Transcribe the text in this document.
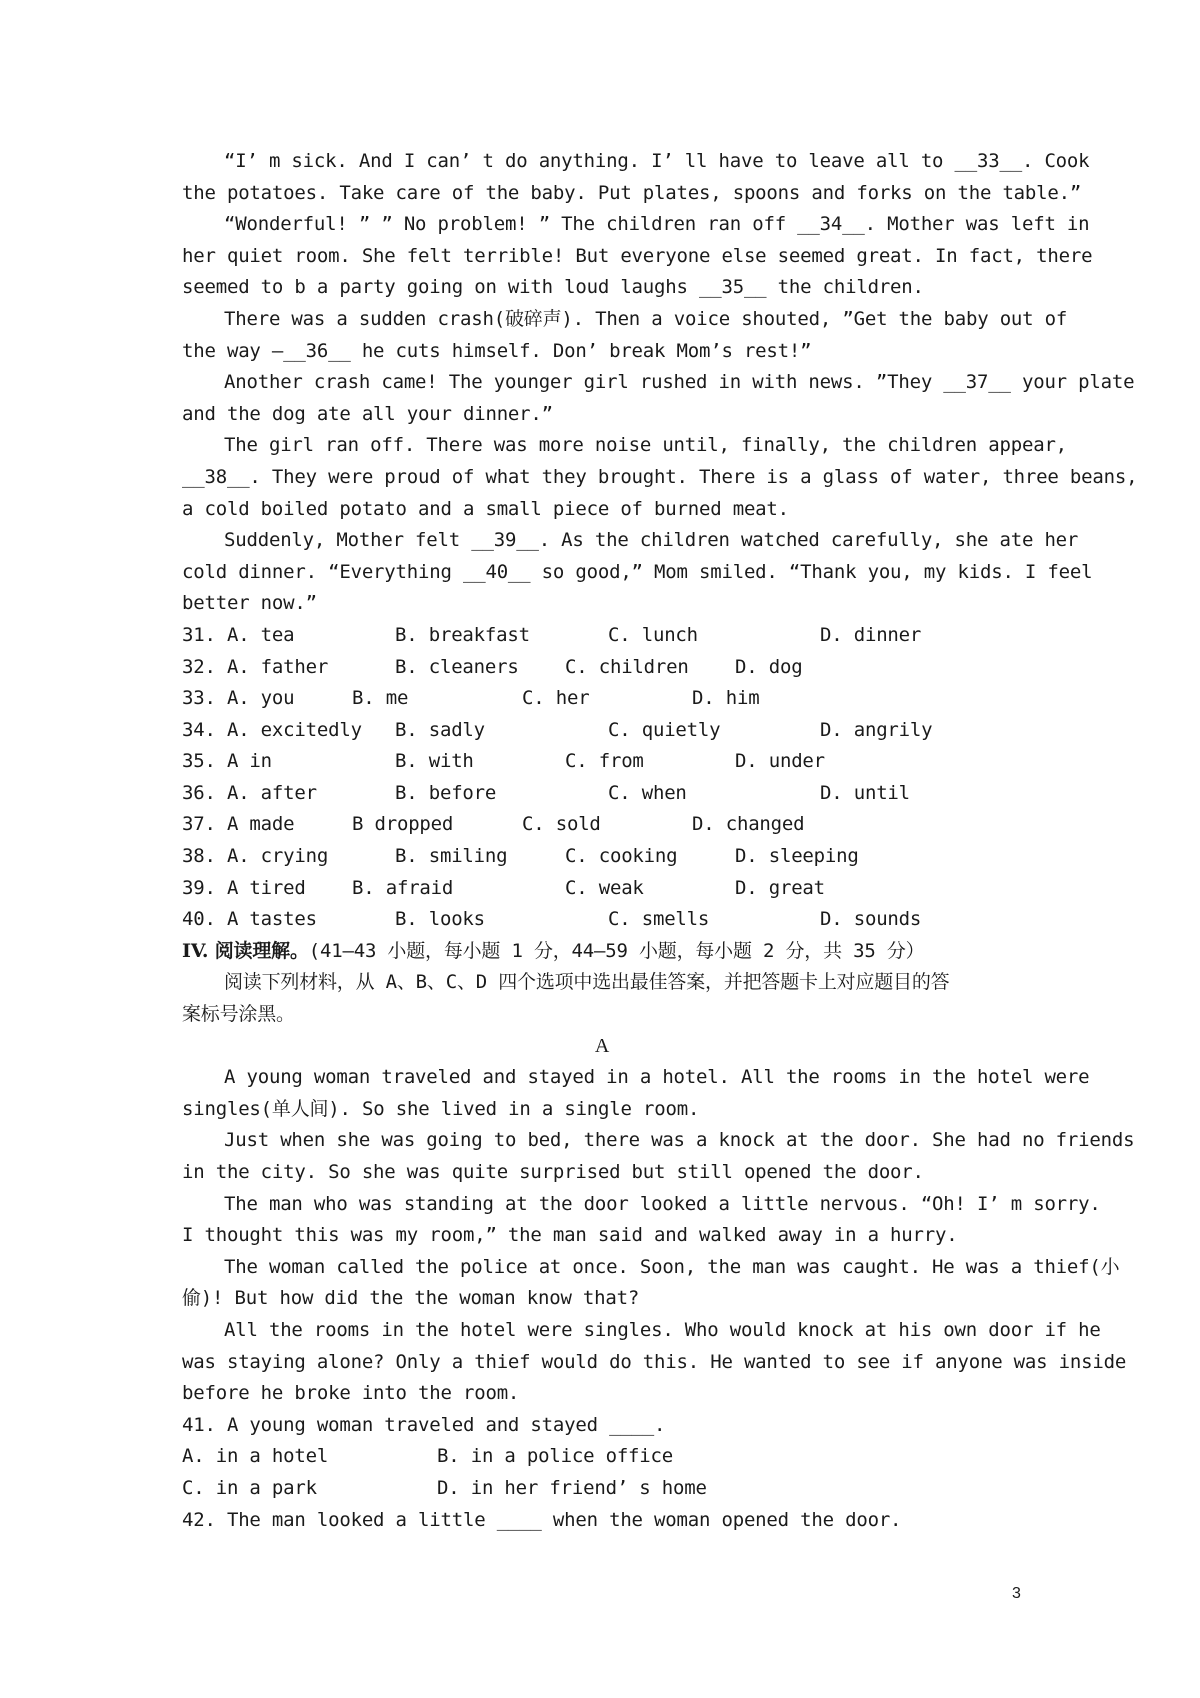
“I’ m sick. And I can’ t do anything. I’ ll have to leave all to __33__. Cook
the potatoes. Take care of the baby. Put plates, spoons and forks on the table.”
“Wonderful! ” ” No problem! ” The children ran off __34__. Mother was left in
her quiet room. She felt terrible! But everyone else seemed great. In fact, there
seemed to b a party going on with loud laughs __35__ the children.
There was a sudden crash(破碎声). Then a voice shouted, ”Get the baby out of
the way —__36__ he cuts himself. Don’ break Mom’s rest!”
Another crash came! The younger girl rushed in with news. ”They __37__ your plate
and the dog ate all your dinner.”
The girl ran off. There was more noise until, finally, the children appear,
__38__. They were proud of what they brought. There is a glass of water, three beans,
a cold boiled potato and a small piece of burned meat.
Suddenly, Mother felt __39__. As the children watched carefully, she ate her
cold dinner. “Everything __40__ so good,” Mom smiled. “Thank you, my kids. I feel
better now.”
31. A. tea	B. breakfast	C. lunch	D. dinner
32. A. father	B. cleaners	C. children	D. dog
33. A. you	B. me	C. her	D. him
34. A. excitedly	B. sadly	C. quietly	D. angrily
35. A in	B. with	C. from	D. under
36. A. after	B. before	C. when	D. until
37. A made	B dropped	C. sold	D. changed
38. A. crying	B. smiling	C. cooking	D. sleeping
39. A tired	B. afraid	C. weak	D. great
40. A tastes	B. looks	C. smells	D. sounds
IV. 阅读理解。(41—43 小题，每小题 1 分，44—59 小题，每小题 2 分，共 35 分）
阅读下列材料，从 A、B、C、D 四个选项中选出最佳答案，并把答题卡上对应题目的答
案标号涂黑。
A
A young woman traveled and stayed in a hotel. All the rooms in the hotel were
singles(单人间). So she lived in a single room.
Just when she was going to bed, there was a knock at the door. She had no friends
in the city. So she was quite surprised but still opened the door.
The man who was standing at the door looked a little nervous. “Oh! I’ m sorry.
I thought this was my room,” the man said and walked away in a hurry.
The woman called the police at once. Soon, the man was caught. He was a thief(小
偷)! But how did the the woman know that?
All the rooms in the hotel were singles. Who would knock at his own door if he
was staying alone? Only a thief would do this. He wanted to see if anyone was inside
before he broke into the room.
41. A young woman traveled and stayed ____.
A. in a hotel	B. in a police office
C. in a park	D. in her friend’ s home
42. The man looked a little ____ when the woman opened the door.
3
